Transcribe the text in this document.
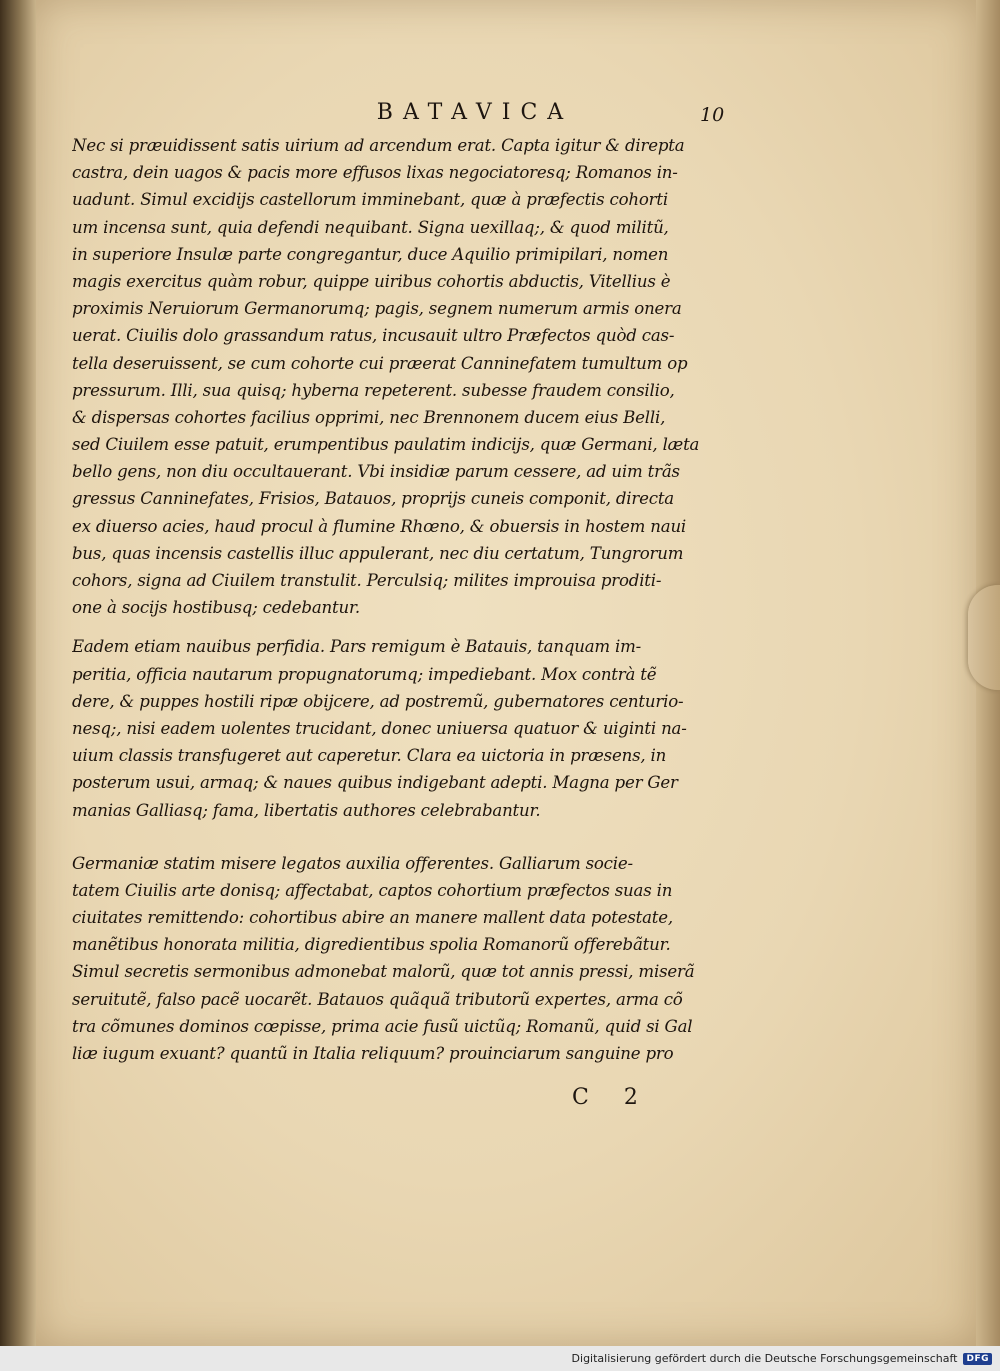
BATAVICA	10
Nec si præuidissent satis uirium ad arcendum erat. Capta igitur & direpta
castra, dein uagos & pacis more effusos lixas negociatoresq; Romanos in-
uadunt. Simul excidijs castellorum imminebant, quæ à præfectis cohorti
um incensa sunt, quia defendi nequibant. Signa uexillaq;, & quod militũ,
in superiore Insulæ parte congregantur, duce Aquilio primipilari, nomen
magis exercitus quàm robur, quippe uiribus cohortis abductis, Vitellius è
proximis Neruiorum Germanorumq; pagis, segnem numerum armis onera
uerat. Ciuilis dolo grassandum ratus, incusauit ultro Præfectos quòd cas-
tella deseruissent, se cum cohorte cui præerat Canninefatem tumultum op
pressurum. Illi, sua quisq; hyberna repeterent. subesse fraudem consilio,
& dispersas cohortes facilius opprimi, nec Brennonem ducem eius Belli,
sed Ciuilem esse patuit, erumpentibus paulatim indicijs, quæ Germani, læta
bello gens, non diu occultauerant. Vbi insidiæ parum cessere, ad uim trãs
gressus Canninefates, Frisios, Batauos, proprijs cuneis componit, directa
ex diuerso acies, haud procul à flumine Rhœno, & obuersis in hostem naui
bus, quas incensis castellis illuc appulerant, nec diu certatum, Tungrorum
cohors, signa ad Ciuilem transtulit. Perculsiq; milites improuisa proditi-
one à socijs hostibusq; cedebantur.
Eadem etiam nauibus perfidia. Pars remigum è Batauis, tanquam im-
peritia, officia nautarum propugnatorumq; impediebant. Mox contrà tẽ
dere, & puppes hostili ripæ obijcere, ad postremũ, gubernatores centurio-
nesq;, nisi eadem uolentes trucidant, donec uniuersa quatuor & uiginti na-
uium classis transfugeret aut caperetur. Clara ea uictoria in præsens, in
posterum usui, armaq; & naues quibus indigebant adepti. Magna per Ger
manias Galliasq; fama, libertatis authores celebrabantur.
Germaniæ statim misere legatos auxilia offerentes. Galliarum socie-
tatem Ciuilis arte donisq; affectabat, captos cohortium præfectos suas in
ciuitates remittendo: cohortibus abire an manere mallent data potestate,
manẽtibus honorata militia, digredientibus spolia Romanorũ offerebãtur.
Simul secretis sermonibus admonebat malorũ, quæ tot annis pressi, miserã
seruitutẽ, falso pacẽ uocarẽt. Batauos quãquã tributorũ expertes, arma cõ
tra cõmunes dominos cœpisse, prima acie fusũ uictũq; Romanũ, quid si Gal
liæ iugum exuant? quantũ in Italia reliquum? prouinciarum sanguine pro
C 2
Digitalisierung gefördert durch die Deutsche Forschungsgemeinschaft	DFG
